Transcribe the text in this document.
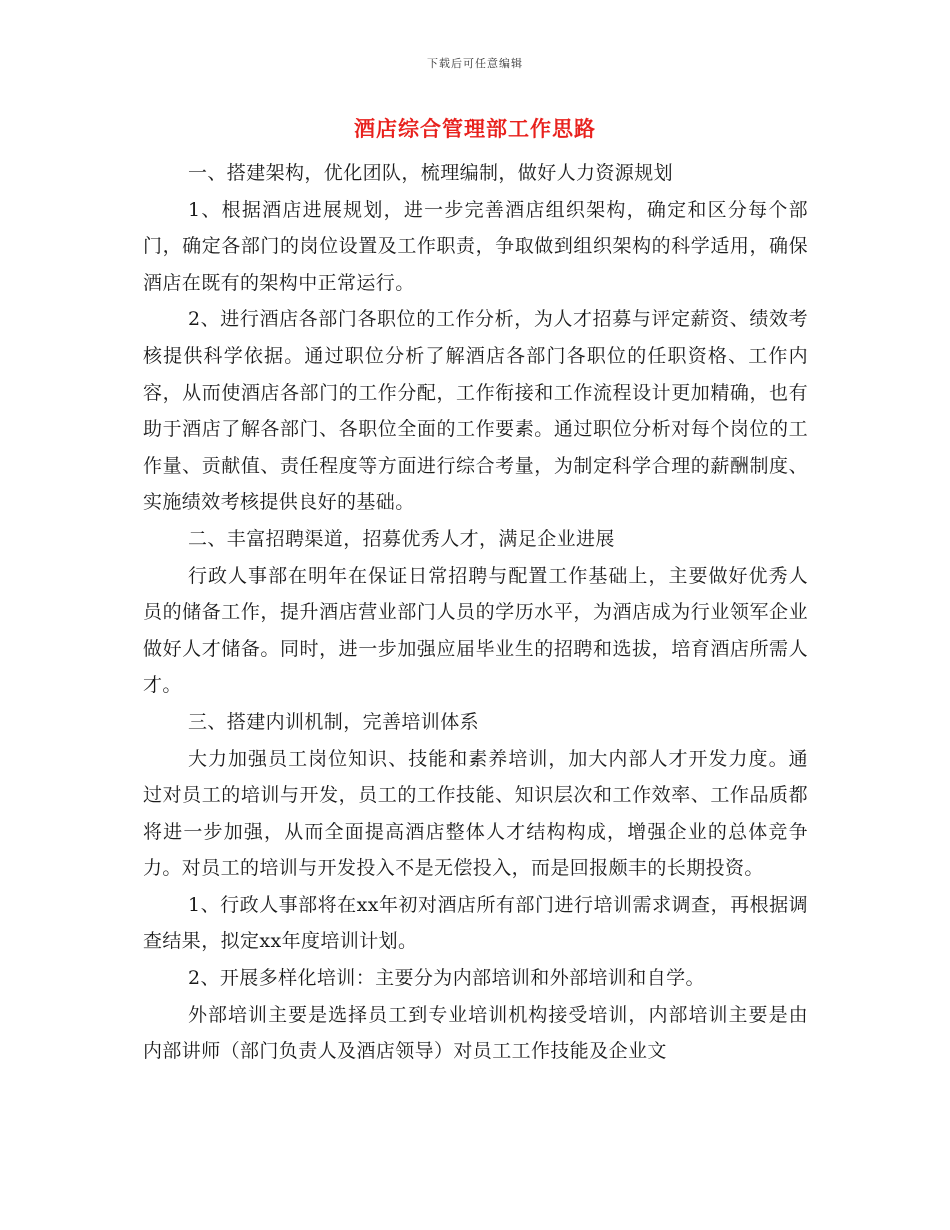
下载后可任意编辑
酒店综合管理部工作思路

一、搭建架构，优化团队，梳理编制，做好人力资源规划

1、根据酒店进展规划，进一步完善酒店组织架构，确定和区分每个部门，确定各部门的岗位设置及工作职责，争取做到组织架构的科学适用，确保酒店在既有的架构中正常运行。

2、进行酒店各部门各职位的工作分析，为人才招募与评定薪资、绩效考核提供科学依据。通过职位分析了解酒店各部门各职位的任职资格、工作内容，从而使酒店各部门的工作分配，工作衔接和工作流程设计更加精确，也有助于酒店了解各部门、各职位全面的工作要素。通过职位分析对每个岗位的工作量、贡献值、责任程度等方面进行综合考量，为制定科学合理的薪酬制度、实施绩效考核提供良好的基础。

二、丰富招聘渠道，招募优秀人才，满足企业进展

行政人事部在明年在保证日常招聘与配置工作基础上，主要做好优秀人员的储备工作，提升酒店营业部门人员的学历水平，为酒店成为行业领军企业做好人才储备。同时，进一步加强应届毕业生的招聘和选拔，培育酒店所需人才。

三、搭建内训机制，完善培训体系

大力加强员工岗位知识、技能和素养培训，加大内部人才开发力度。通过对员工的培训与开发，员工的工作技能、知识层次和工作效率、工作品质都将进一步加强，从而全面提高酒店整体人才结构构成，增强企业的总体竞争力。对员工的培训与开发投入不是无偿投入，而是回报颇丰的长期投资。

1、行政人事部将在xx年初对酒店所有部门进行培训需求调查，再根据调查结果，拟定xx年度培训计划。

2、开展多样化培训：主要分为内部培训和外部培训和自学。

外部培训主要是选择员工到专业培训机构接受培训，内部培训主要是由内部讲师（部门负责人及酒店领导）对员工工作技能及企业文
